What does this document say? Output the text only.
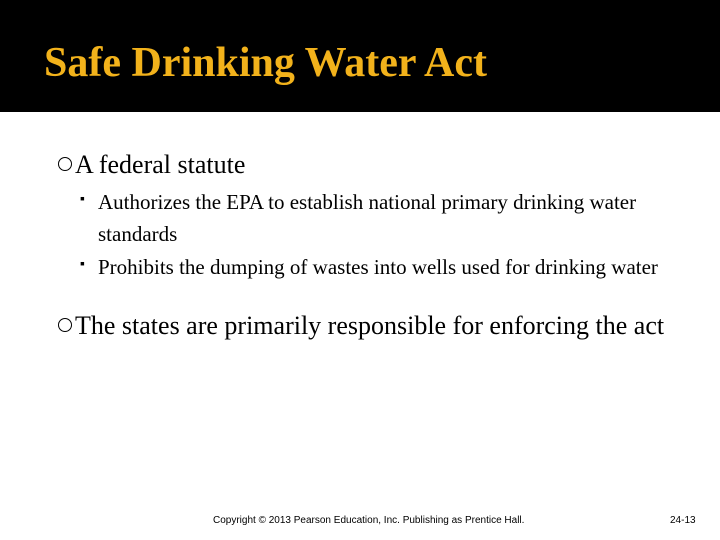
Safe Drinking Water Act
A federal statute
▪ Authorizes the EPA to establish national primary drinking water standards
▪ Prohibits the dumping of wastes into wells used for drinking water
The states are primarily responsible for enforcing the act
Copyright © 2013 Pearson Education, Inc. Publishing as Prentice Hall.	24-13
